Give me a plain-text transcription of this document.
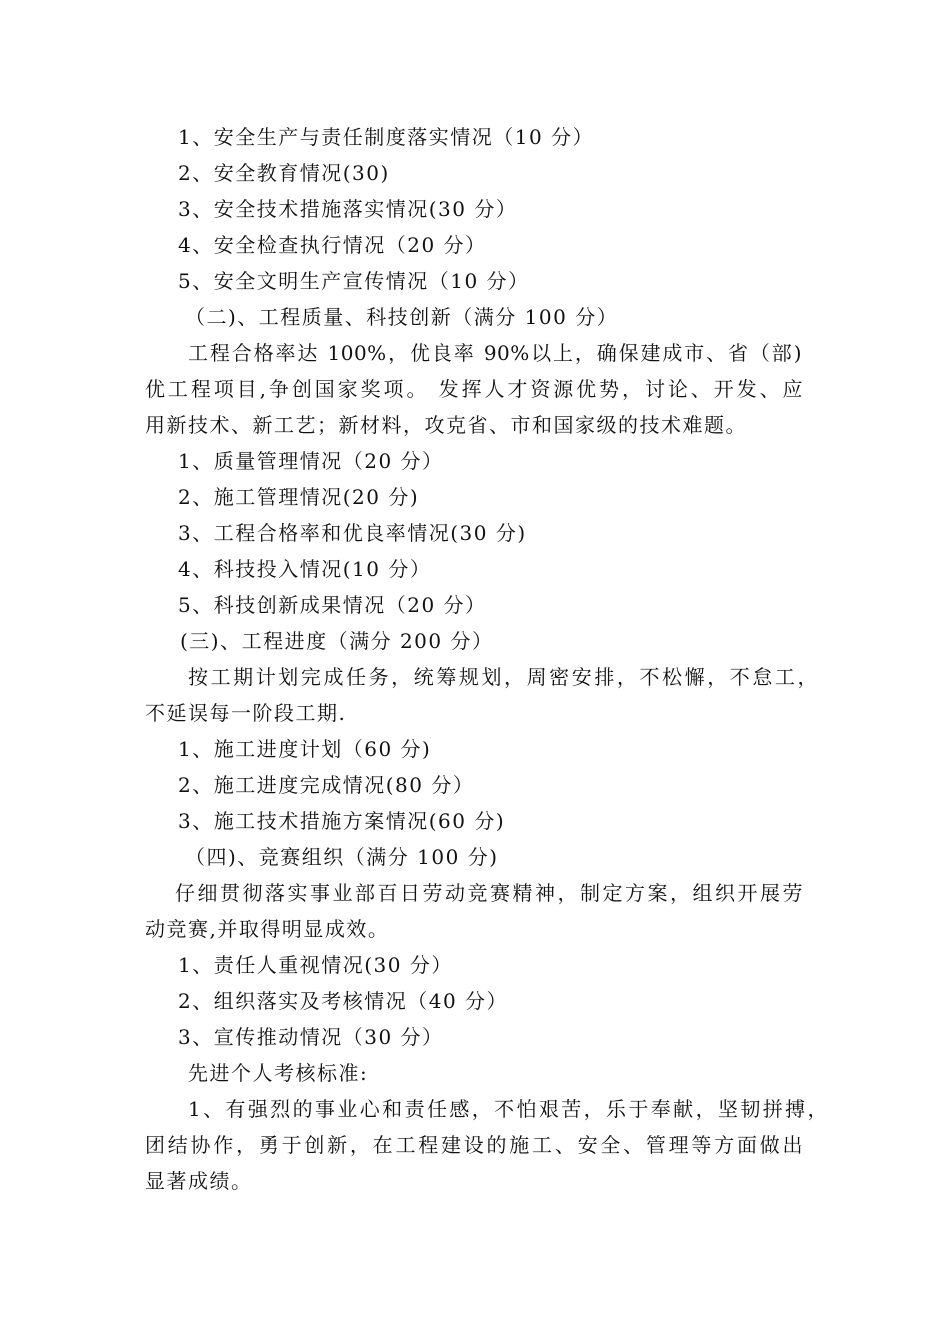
1、安全生产与责任制度落实情况（10 分）
2、安全教育情况(30)
3、安全技术措施落实情况(30 分）
4、安全检查执行情况（20 分）
5、安全文明生产宣传情况（10 分）
（二)、工程质量、科技创新（满分 100 分）
工程合格率达 100%，优良率 90%以上，确保建成市、省（部)
优工程项目,争创国家奖项。 发挥人才资源优势，讨论、开发、应
用新技术、新工艺；新材料，攻克省、市和国家级的技术难题。
1、质量管理情况（20 分）
2、施工管理情况(20 分)
3、工程合格率和优良率情况(30 分)
4、科技投入情况(10 分）
5、科技创新成果情况（20 分）
(三)、工程进度（满分 200 分）
按工期计划完成任务，统筹规划，周密安排，不松懈，不怠工，
不延误每一阶段工期.
1、施工进度计划（60 分)
2、施工进度完成情况(80 分）
3、施工技术措施方案情况(60 分)
（四)、竞赛组织（满分 100 分)
仔细贯彻落实事业部百日劳动竞赛精神，制定方案，组织开展劳
动竞赛,并取得明显成效。
1、责任人重视情况(30 分）
2、组织落实及考核情况（40 分）
3、宣传推动情况（30 分）
先进个人考核标准:
1、有强烈的事业心和责任感，不怕艰苦，乐于奉献，坚韧拼搏，
团结协作，勇于创新，在工程建设的施工、安全、管理等方面做出
显著成绩。
